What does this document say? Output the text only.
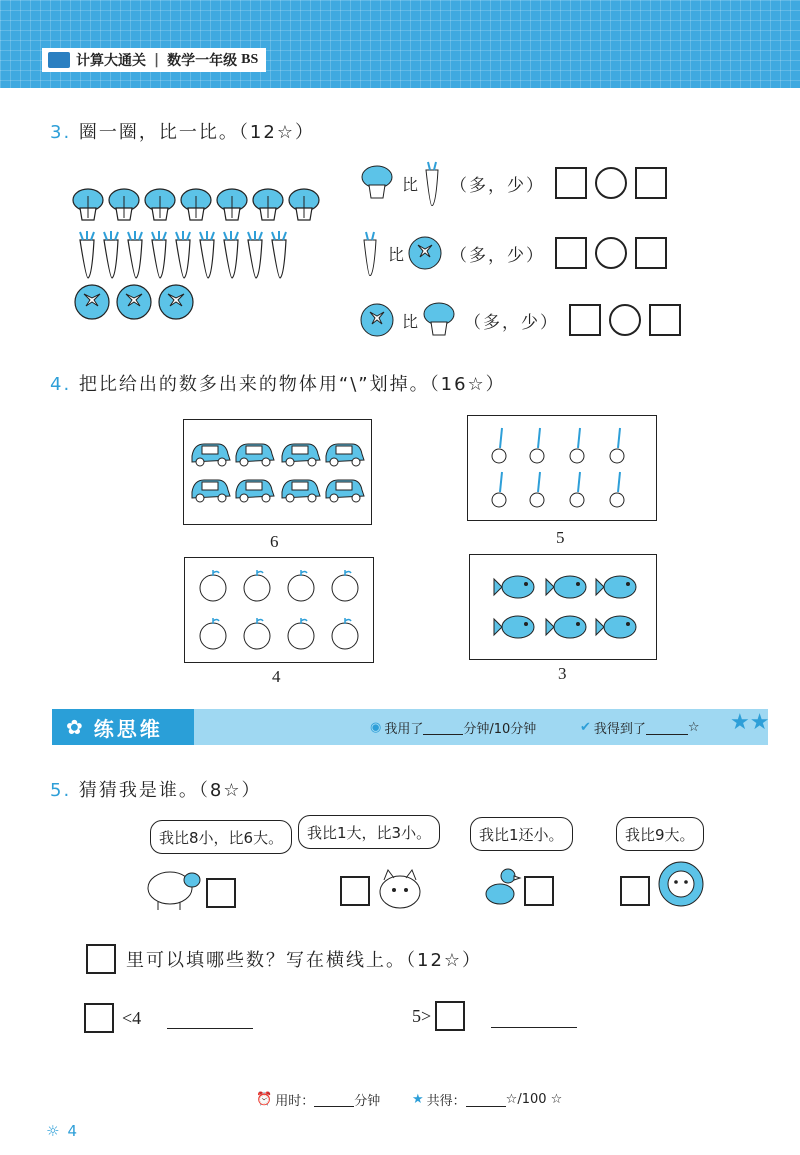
计算大通关 | 数学一年级 BS
3. 圈一圈，比一比。（12☆）
比 （多，少）
比	（多，少）
比	（多，少）
4. 把比给出的数多出来的物体用“\”划掉。（16☆）
6	5
4	3
✿ 练思维	◉ 我用了	分钟/10分钟	✔ 我得到了	☆ ★★
5. 猜猜我是谁。（8☆）
我比8小，比6大。	我比1大，比3小。	我比1还小。	我比9大。
里可以填哪些数？写在横线上。（12☆）
<4	5>
⏰ 用时：	分钟 ★ 共得：	☆/100 ☆
☼ 4
